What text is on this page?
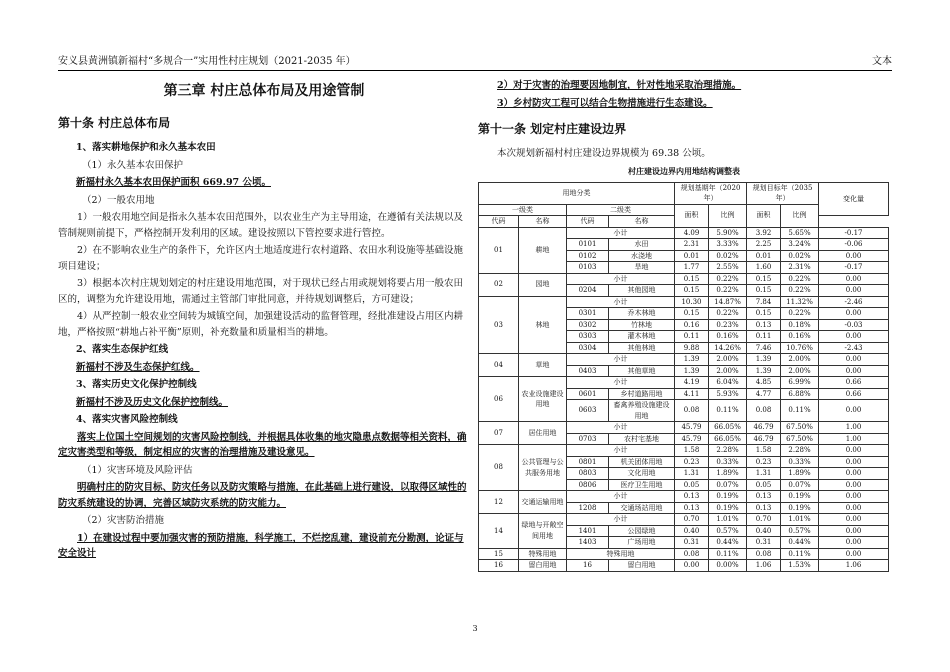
安义县黄洲镇新福村“多规合一”实用性村庄规划（2021-2035 年）	文本
第三章 村庄总体布局及用途管制
第十条 村庄总体布局
1、落实耕地保护和永久基本农田
（1）永久基本农田保护
新福村永久基本农田保护面积 669.97 公顷。
（2）一般农用地
1）一般农用地空间是指永久基本农田范围外，以农业生产为主导用途，在遵循有关法规以及管制规则前提下，严格控制开发利用的区域。建设按照以下管控要求进行管控。
2）在不影响农业生产的条件下，允许区内土地适度进行农村道路、农田水利设施等基础设施项目建设；
3）根据本次村庄规划划定的村庄建设用地范围，对于现状已经占用或规划将要占用一般农田区的，调整为允许建设用地，需通过主管部门审批同意，并待规划调整后，方可建设；
4）从严控制一般农业空间转为城镇空间，加强建设活动的监督管理，经批准建设占用区内耕地，严格按照“耕地占补平衡”原则，补充数量和质量相当的耕地。
2、落实生态保护红线
新福村不涉及生态保护红线。
3、落实历史文化保护控制线
新福村不涉及历史文化保护控制线。
4、落实灾害风险控制线
落实上位国土空间规划的灾害风险控制线，并根据具体收集的地灾隐患点数据等相关资料，确定灾害类型和等级，制定相应的灾害的治理措施及建设意见。
（1）灾害环境及风险评估
明确村庄的防灾目标、防灾任务以及防灾策略与措施，在此基础上进行建设，以取得区域性的防灾系统建设的协调，完善区域防灾系统的防灾能力。
（2）灾害防治措施
1）在建设过程中要加强灾害的预防措施，科学施工，不烂挖乱建，建设前充分勘测，论证与安全设计
2）对于灾害的治理要因地制宜，针对性地采取治理措施。
3）乡村防灾工程可以结合生物措施进行生态建设。
第十一条 划定村庄建设边界
本次规划新福村村庄建设边界规模为 69.38 公顷。
村庄建设边界内用地结构调整表
用地分类				规划基期年（2020年）		规划目标年（2035年）		变化量

一级类		二级类		面积	比例	面积	比例	
代码	名称	代码	名称					
01	耕地	小计		4.09	5.90%	3.92	5.65%	-0.17
		0101	水田	2.31	3.33%	2.25	3.24%	-0.06
		0102	水浇地	0.01	0.02%	0.01	0.02%	0.00
		0103	旱地	1.77	2.55%	1.60	2.31%	-0.17
02	园地	小计		0.15	0.22%	0.15	0.22%	0.00
		0204	其他园地	0.15	0.22%	0.15	0.22%	0.00
03	林地	小计		10.30	14.87%	7.84	11.32%	-2.46
		0301	乔木林地	0.15	0.22%	0.15	0.22%	0.00
		0302	竹林地	0.16	0.23%	0.13	0.18%	-0.03
		0303	灌木林地	0.11	0.16%	0.11	0.16%	0.00
		0304	其他林地	9.88	14.26%	7.46	10.76%	-2.43
04	草地	小计		1.39	2.00%	1.39	2.00%	0.00
		0403	其他草地	1.39	2.00%	1.39	2.00%	0.00
06	农业设施建设用地	小计		4.19	6.04%	4.85	6.99%	0.66
		0601	乡村道路用地	4.11	5.93%	4.77	6.88%	0.66
		0603	畜禽养殖设施建设用地	0.08	0.11%	0.08	0.11%	0.00
07	居住用地	小计		45.79	66.05%	46.79	67.50%	1.00
		0703	农村宅基地	45.79	66.05%	46.79	67.50%	1.00
08	公共管理与公共服务用地	小计		1.58	2.28%	1.58	2.28%	0.00
		0801	机关团体用地	0.23	0.33%	0.23	0.33%	0.00
		0803	文化用地	1.31	1.89%	1.31	1.89%	0.00
		0806	医疗卫生用地	0.05	0.07%	0.05	0.07%	0.00
12	交通运输用地	小计		0.13	0.19%	0.13	0.19%	0.00
		1208	交通场站用地	0.13	0.19%	0.13	0.19%	0.00
14	绿地与开敞空间用地	小计		0.70	1.01%	0.70	1.01%	0.00
		1401	公园绿地	0.40	0.57%	0.40	0.57%	0.00
		1403	广场用地	0.31	0.44%	0.31	0.44%	0.00
15	特殊用地	特殊用地		0.08	0.11%	0.08	0.11%	0.00
16	留白用地	16	留白用地	0.00	0.00%	1.06	1.53%	1.06
3
